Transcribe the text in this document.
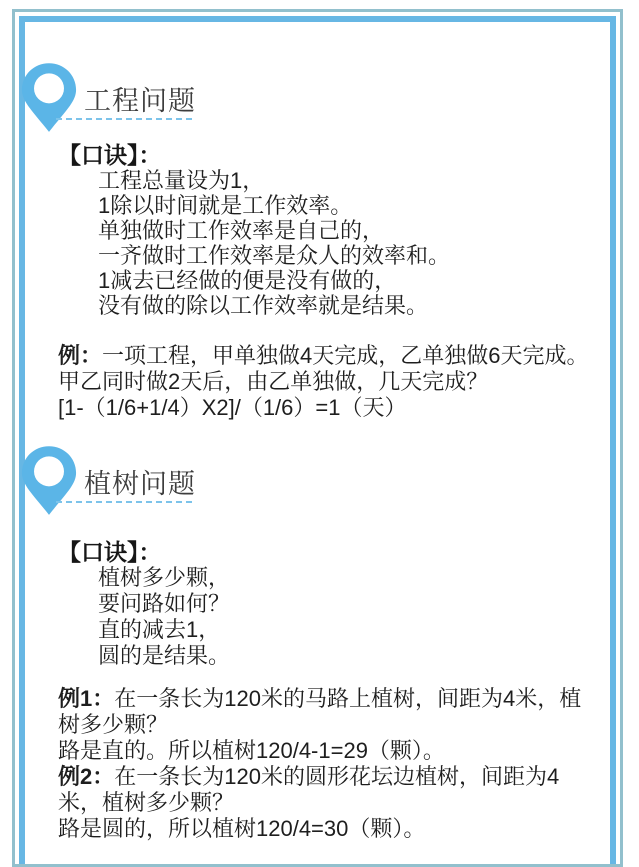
工程问题
【口诀】：
工程总量设为1，
1除以时间就是工作效率。
单独做时工作效率是自己的，
一齐做时工作效率是众人的效率和。
1减去已经做的便是没有做的，
没有做的除以工作效率就是结果。

例：一项工程，甲单独做4天完成，乙单独做6天完成。甲乙同时做2天后，由乙单独做，几天完成？

[1-（1/6+1/4）X2]/（1/6）=1（天）

植树问题
【口诀】：
植树多少颗，
要问路如何？
直的减去1，
圆的是结果。

例1：在一条长为120米的马路上植树，间距为4米，植树多少颗？

路是直的。所以植树120/4-1=29（颗）。

例2：在一条长为120米的圆形花坛边植树，间距为4米，植树多少颗？

路是圆的，所以植树120/4=30（颗）。
